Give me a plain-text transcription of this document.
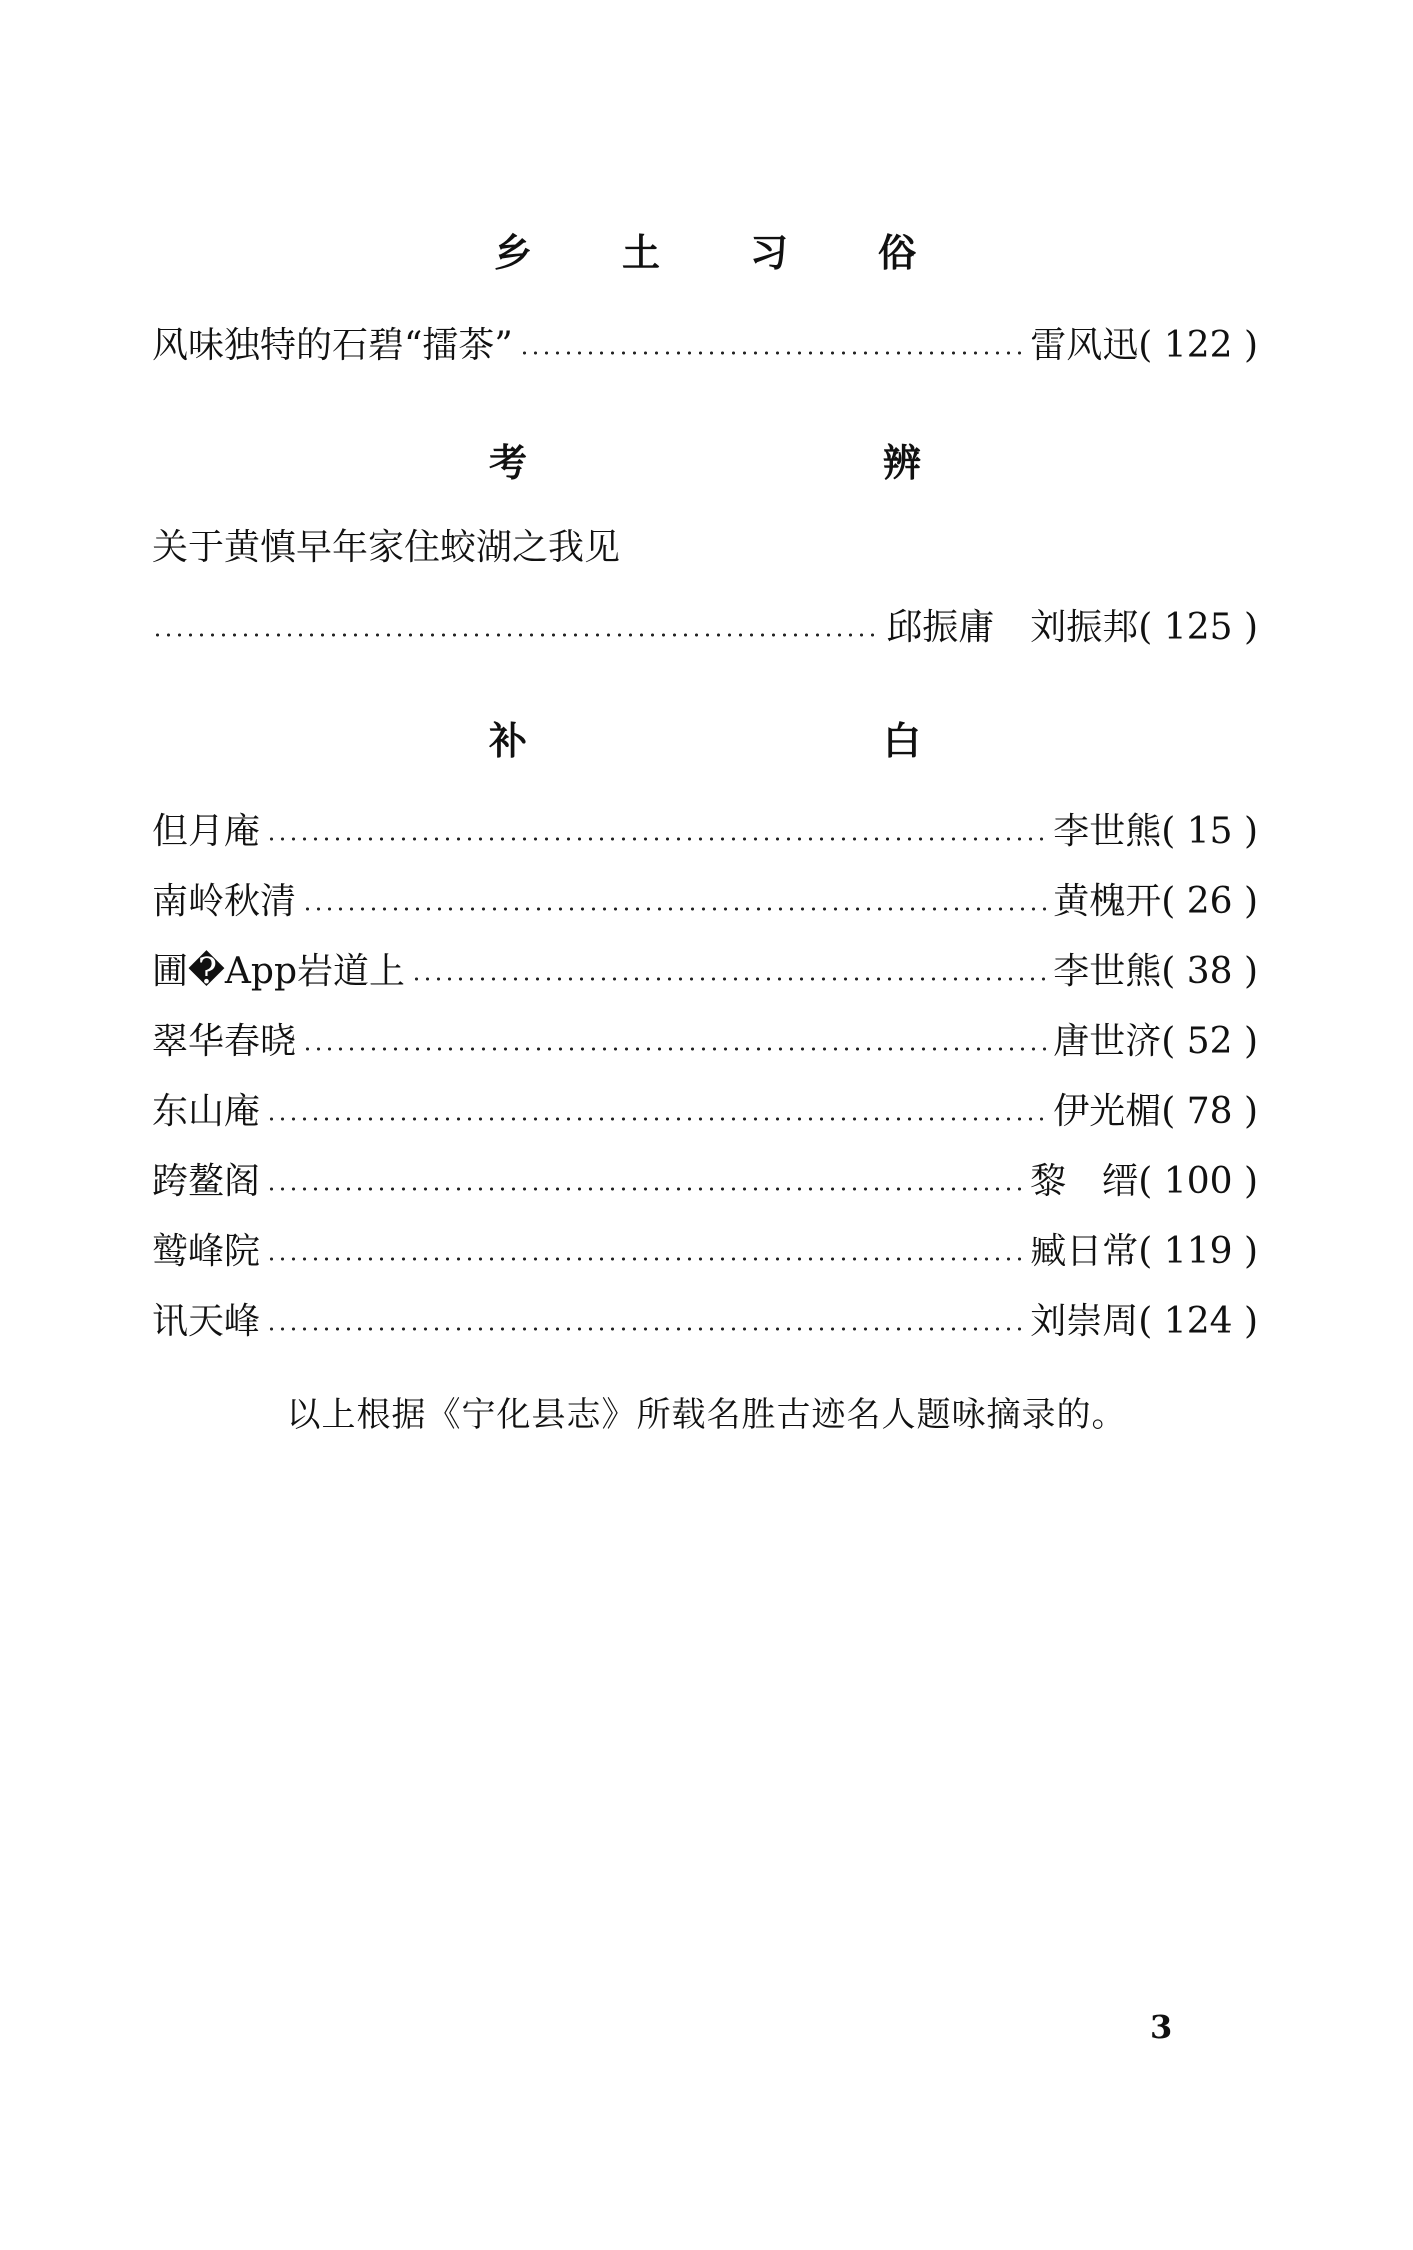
乡 土 习 俗
风味独特的石碧“擂茶”	雷风迅 ( 122 )
考	辨
关于黄慎早年家住蛟湖之我见
邱振庸　刘振邦 ( 125 )
补	白
但月庵	李世熊 ( 15 )
南岭秋清	黄槐开 ( 26 )
圃�App岩道上	李世熊 ( 38 )
翠华春晓	唐世济 ( 52 )
东山庵	伊光楣 ( 78 )
跨鳌阁	黎　缙 ( 100 )
鹫峰院	臧日常 ( 119 )
讯天峰	刘崇周 ( 124 )
以上根据《宁化县志》所载名胜古迹名人题咏摘录的。
3
